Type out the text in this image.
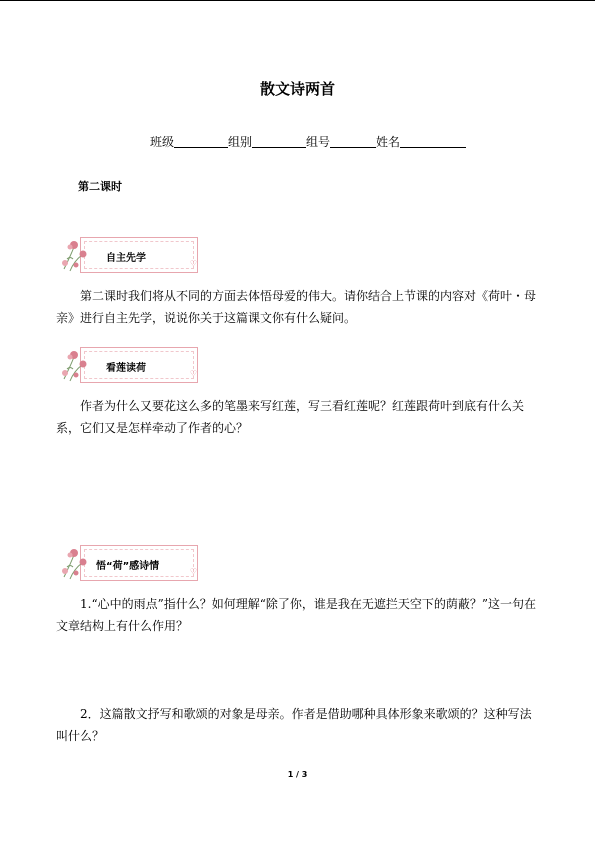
散文诗两首
班级	组别	组号	姓名
第二课时
自主先学	♡
第二课时我们将从不同的方面去体悟母爱的伟大。请你结合上节课的内容对《荷叶・母亲》进行自主先学，说说你关于这篇课文你有什么疑问。
看莲读荷	♡
作者为什么又要花这么多的笔墨来写红莲，写三看红莲呢？红莲跟荷叶到底有什么关系，它们又是怎样牵动了作者的心？
悟“荷”感诗情	♡
1.“心中的雨点”指什么？如何理解“除了你，谁是我在无遮拦天空下的荫蔽？”这一句在文章结构上有什么作用？
2．这篇散文抒写和歌颂的对象是母亲。作者是借助哪种具体形象来歌颂的？这种写法叫什么？
1 / 3
